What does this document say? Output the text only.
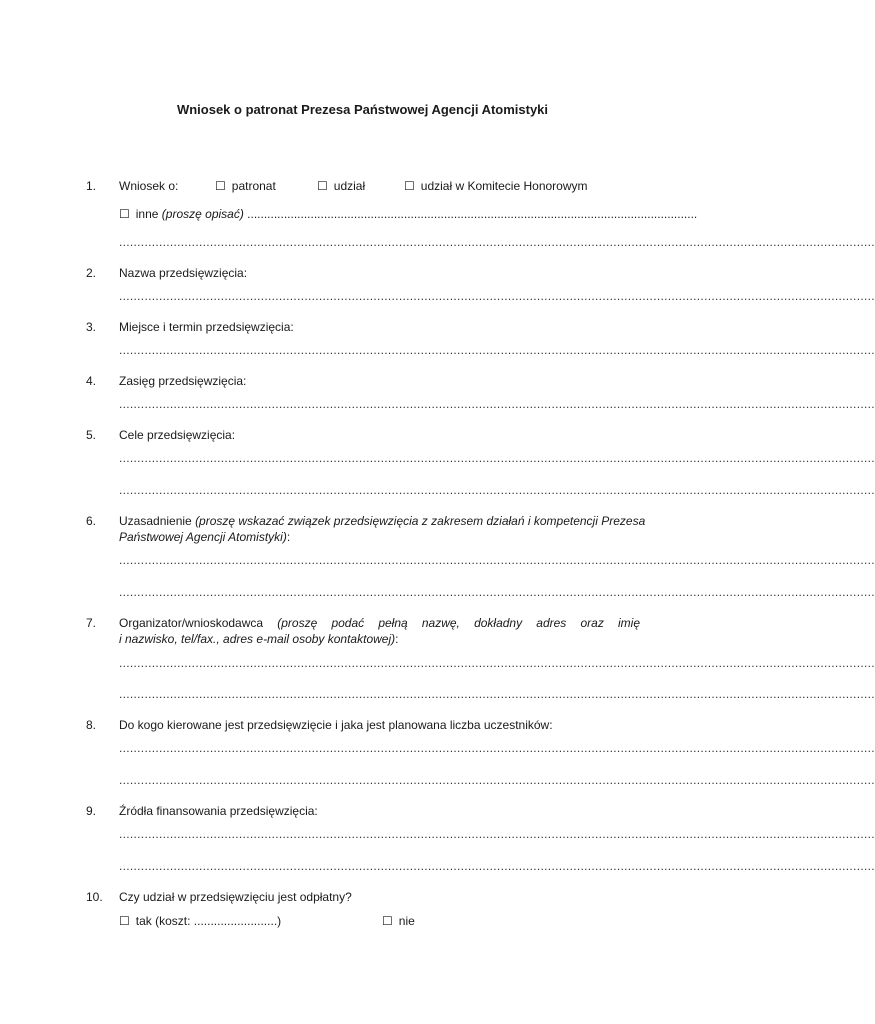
Wniosek o patronat Prezesa Państwowej Agencji Atomistyki
1. Wniosek o:	☐ patronat	☐ udział	☐ udział w Komitecie Honorowym
☐ inne (proszę opisać) .......................................................................................................................................
................................................................................................................................................................................................................
2. Nazwa przedsięwzięcia:
................................................................................................................................................................................................................
3. Miejsce i termin przedsięwzięcia:
................................................................................................................................................................................................................
4. Zasięg przedsięwzięcia:
................................................................................................................................................................................................................
5. Cele przedsięwzięcia:
................................................................................................................................................................................................................
................................................................................................................................................................................................................
6. Uzasadnienie (proszę wskazać związek przedsięwzięcia z zakresem działań i kompetencji Prezesa
Państwowej Agencji Atomistyki):
................................................................................................................................................................................................................
................................................................................................................................................................................................................
7. Organizator/wnioskodawca (proszę podać pełną nazwę, dokładny adres oraz imię
i nazwisko, tel/fax., adres e-mail osoby kontaktowej):
................................................................................................................................................................................................................
................................................................................................................................................................................................................
8. Do kogo kierowane jest przedsięwzięcie i jaka jest planowana liczba uczestników:
................................................................................................................................................................................................................
................................................................................................................................................................................................................
9. Źródła finansowania przedsięwzięcia:
................................................................................................................................................................................................................
................................................................................................................................................................................................................
10. Czy udział w przedsięwzięciu jest odpłatny?
☐ tak (koszt: .........................)	☐ nie
